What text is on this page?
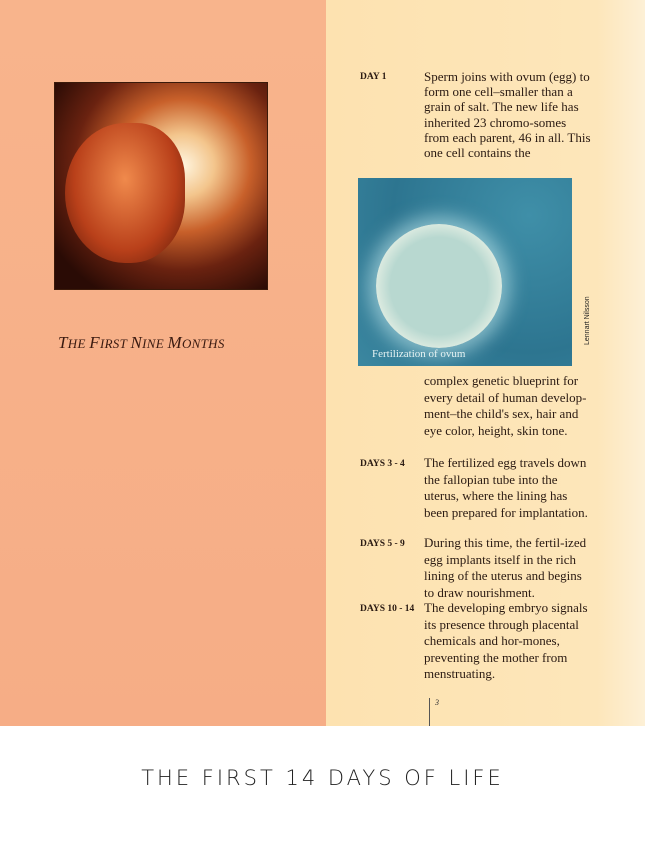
THE FIRST NINE MONTHS
DAY 1	Sperm joins with ovum (egg) to form one cell–smaller than a grain of salt. The new life has inherited 23 chromo-somes from each parent, 46 in all. This one cell contains the
Fertilization of ovum
Lennart Nilsson
complex genetic blueprint for every detail of human develop-ment–the child's sex, hair and eye color, height, skin tone.
DAYS 3 - 4 The fertilized egg travels down the fallopian tube into the uterus, where the lining has been prepared for implantation.
DAYS 5 - 9 During this time, the fertil-ized egg implants itself in the rich lining of the uterus and begins to draw nourishment.
DAYS 10 - 14 The developing embryo signals its presence through placental chemicals and hor-mones, preventing the mother from menstruating.
3
THE FIRST 14 DAYS OF LIFE
